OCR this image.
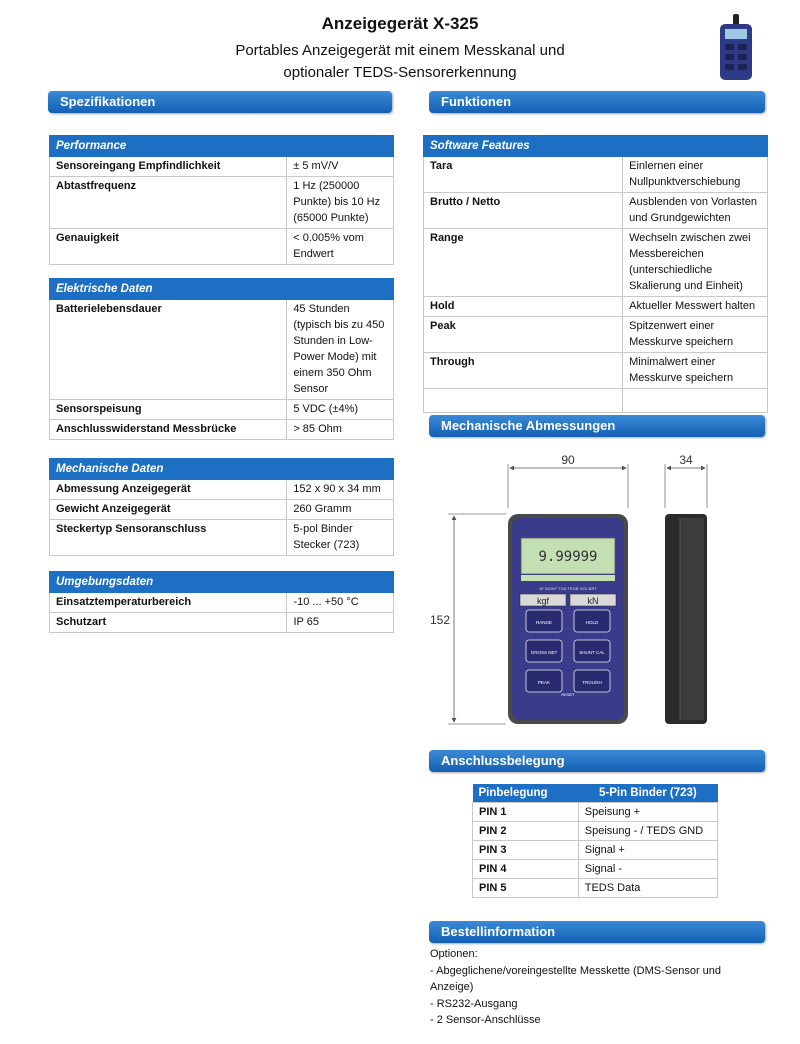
Anzeigegerät X-325
Portables Anzeigegerät mit einem Messkanal und
optionaler TEDS-Sensorerkennung
Spezifikationen	Funktionen
Mechanische Abmessungen
Anschlussbelegung
Bestellinformation
Performance	
Sensoreingang Empfindlichkeit	± 5 mV/V
Abtastfrequenz	1 Hz (250000 Punkte) bis 10 Hz (65000 Punkte)
Genauigkeit	< 0.005% vom Endwert
Elektrische Daten	
Batterielebensdauer	45 Stunden (typisch bis zu 450 Stunden in Low-Power Mode) mit einem 350 Ohm Sensor
Sensorspeisung	5 VDC (±4%)
Anschlusswiderstand Messbrücke	> 85 Ohm
Mechanische Daten	
Abmessung Anzeigegerät	152 x 90 x 34 mm
Gewicht Anzeigegerät	260 Gramm
Steckertyp Sensoranschluss	5-pol Binder Stecker (723)
Umgebungsdaten	
Einsatztemperaturbereich	-10 ... +50 °C
Schutzart	IP 65
Software Features	
Tara	Einlernen einer Nullpunktverschiebung
Brutto / Netto	Ausblenden von Vorlasten und Grundgewichten
Range	Wechseln zwischen zwei Messbereichen (unterschiedliche Skalierung und Einheit)
Hold	Aktueller Messwert halten
Peak	Spitzenwert einer Messkurve speichern
Through	Minimalwert einer Messkurve speichern

90	34
152
9.99999
AT BG/NT TGA TRGB HOL BRT
kgf	kN
RANGE	HOLD
GROSS NET	SHUNT CAL
PEAK	TROUGH
RESET
Pinbelegung	5-Pin Binder (723)
PIN 1	Speisung +
PIN 2	Speisung - / TEDS GND
PIN 3	Signal +
PIN 4	Signal -
PIN 5	TEDS Data
Optionen:
- Abgeglichene/voreingestellte Messkette (DMS-Sensor und Anzeige)
- RS232-Ausgang
- 2 Sensor-Anschlüsse
